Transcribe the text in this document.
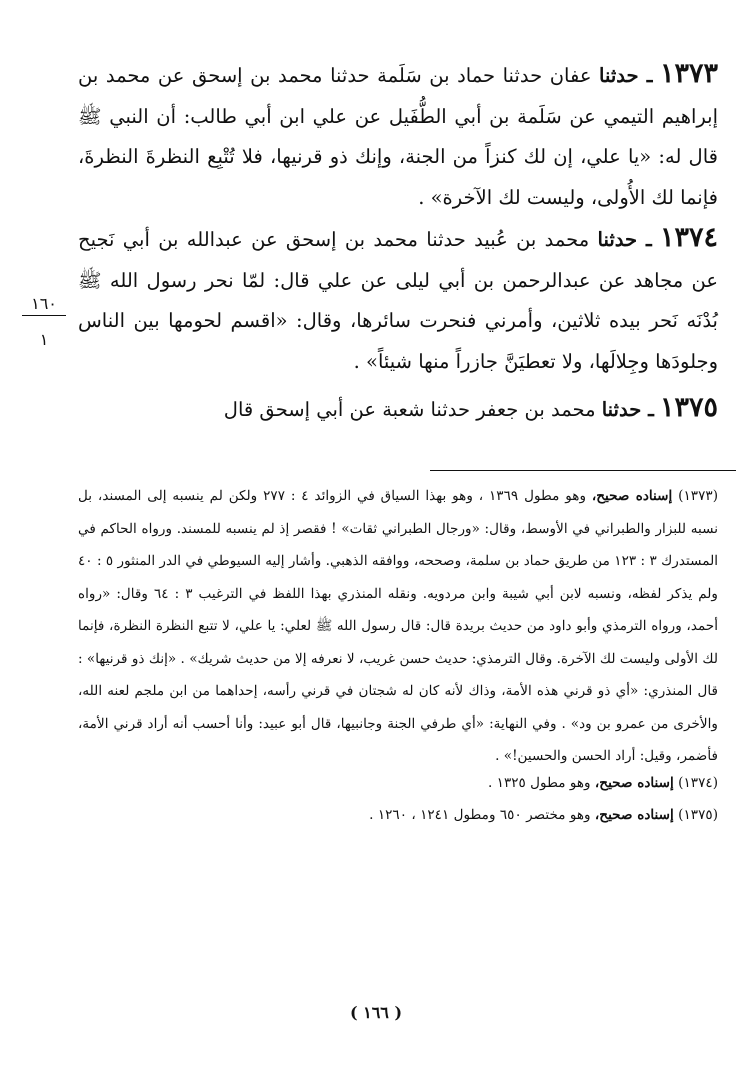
١٣٧٣ ـ حدثنا عفان حدثنا حماد بن سَلَمة حدثنا محمد بن إسحق عن محمد بن إبراهيم التيمي عن سَلَمة بن أبي الطُّفَيل عن علي ابن أبي طالب: أن النبي ﷺ قال له: «يا علي، إن لك كنزاً من الجنة، وإنك ذو قرنيها، فلا تُتْبِع النظرةَ النظرةَ، فإنما لك الأُولى، وليست لك الآخرة» .

١٣٧٤ ـ حدثنا محمد بن عُبيد حدثنا محمد بن إسحق عن عبدالله بن أبي نَجيح عن مجاهد عن عبدالرحمن بن أبي ليلى عن علي قال: لمّا نحر رسول الله ﷺ بُدْنَه نَحر بيده ثلاثين، وأمرني فنحرت سائرها، وقال: «اقسم لحومها بين الناس وجلودَها وجِلالَها، ولا تعطيَنَّ جازراً منها شيئاً» .

١٣٧٥ ـ حدثنا محمد بن جعفر حدثنا شعبة عن أبي إسحق قال

١٦٠
١

(١٣٧٣) إسناده صحيح، وهو مطول ١٣٦٩ ، وهو بهذا السياق في الزوائد ٤ : ٢٧٧ ولكن لم ينسبه إلى المسند، بل نسبه للبزار والطبراني في الأوسط، وقال: «ورجال الطبراني ثقات» ! فقصر إذ لم ينسبه للمسند. ورواه الحاكم في المستدرك ٣ : ١٢٣ من طريق حماد بن سلمة، وصححه، ووافقه الذهبي. وأشار إليه السيوطي في الدر المنثور ٥ : ٤٠ ولم يذكر لفظه، ونسبه لابن أبي شيبة وابن مردويه. ونقله المنذري بهذا اللفظ في الترغيب ٣ : ٦٤ وقال: «رواه أحمد، ورواه الترمذي وأبو داود من حديث بريدة قال: قال رسول الله ﷺ لعلي: يا علي، لا تتبع النظرة النظرة، فإنما لك الأولى وليست لك الآخرة. وقال الترمذي: حديث حسن غريب، لا نعرفه إلا من حديث شريك» . «إنك ذو قرنيها» : قال المنذري: «أي ذو قرني هذه الأمة، وذاك لأنه كان له شجتان في قرني رأسه، إحداهما من ابن ملجم لعنه الله، والأخرى من عمرو بن ود» . وفي النهاية: «أي طرفي الجنة وجانبيها، قال أبو عبيد: وأنا أحسب أنه أراد قرني الأمة، فأضمر، وقيل: أراد الحسن والحسين!» .

(١٣٧٤) إسناده صحيح، وهو مطول ١٣٢٥ .

(١٣٧٥) إسناده صحيح، وهو مختصر ٦٥٠ ومطول ١٢٤١ ، ١٢٦٠ .

( ١٦٦ )
